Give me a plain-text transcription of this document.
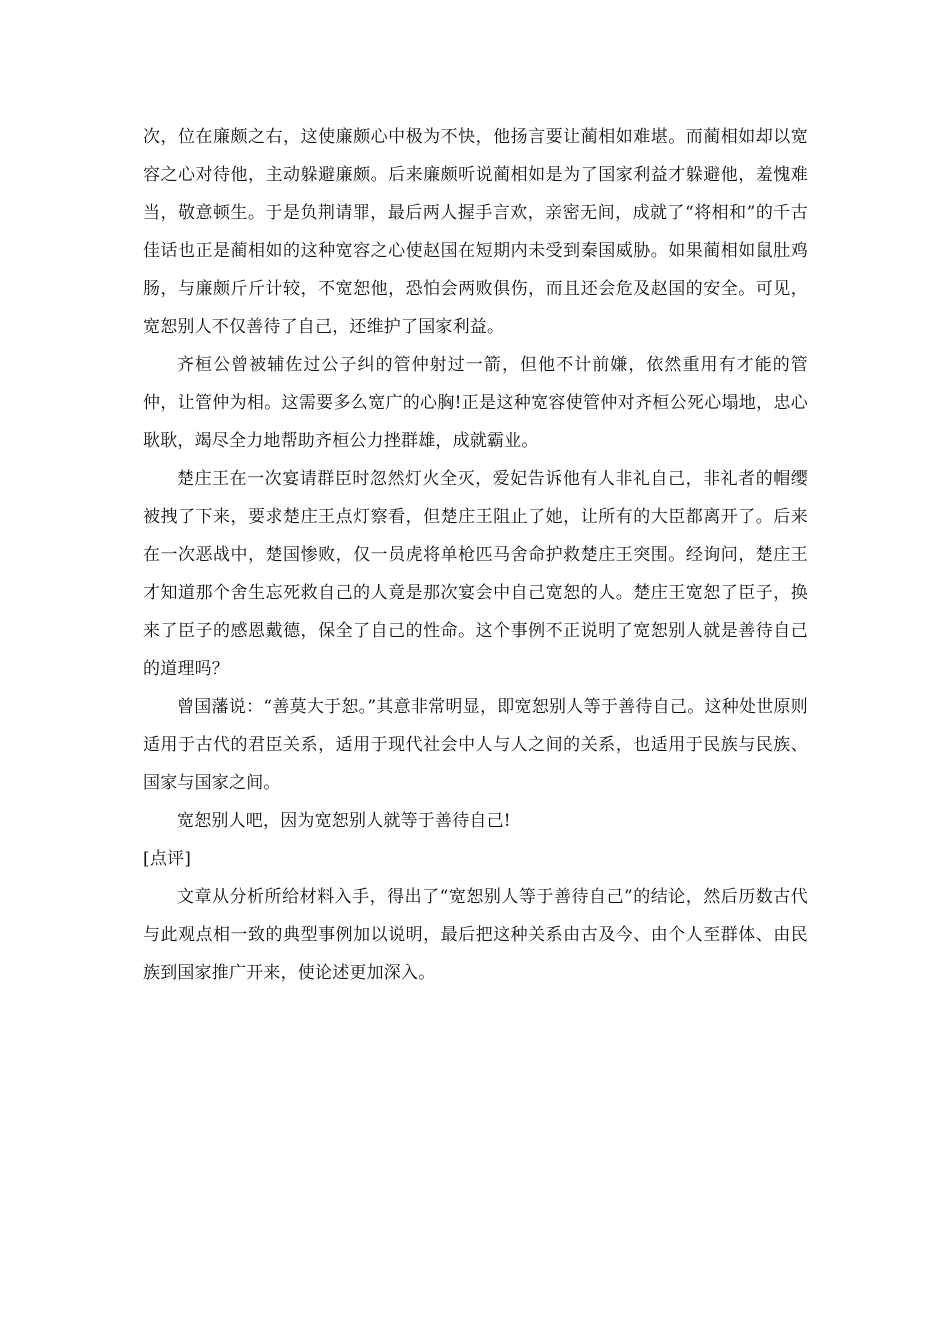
次，位在廉颇之右，这使廉颇心中极为不快，他扬言要让蔺相如难堪。而蔺相如却以宽容之心对待他，主动躲避廉颇。后来廉颇听说蔺相如是为了国家利益才躲避他，羞愧难当，敬意顿生。于是负荆请罪，最后两人握手言欢，亲密无间，成就了“将相和”的千古佳话也正是蔺相如的这种宽容之心使赵国在短期内未受到秦国威胁。如果蔺相如鼠肚鸡肠，与廉颇斤斤计较，不宽恕他，恐怕会两败俱伤，而且还会危及赵国的安全。可见，宽恕别人不仅善待了自己，还维护了国家利益。

齐桓公曾被辅佐过公子纠的管仲射过一箭，但他不计前嫌，依然重用有才能的管仲，让管仲为相。这需要多么宽广的心胸!正是这种宽容使管仲对齐桓公死心塌地，忠心耿耿，竭尽全力地帮助齐桓公力挫群雄，成就霸业。

楚庄王在一次宴请群臣时忽然灯火全灭，爱妃告诉他有人非礼自己，非礼者的帽缨被拽了下来，要求楚庄王点灯察看，但楚庄王阻止了她，让所有的大臣都离开了。后来在一次恶战中，楚国惨败，仅一员虎将单枪匹马舍命护救楚庄王突围。经询问，楚庄王才知道那个舍生忘死救自己的人竟是那次宴会中自己宽恕的人。楚庄王宽恕了臣子，换来了臣子的感恩戴德，保全了自己的性命。这个事例不正说明了宽恕别人就是善待自己的道理吗？

曾国藩说：“善莫大于恕。”其意非常明显，即宽恕别人等于善待自己。这种处世原则适用于古代的君臣关系，适用于现代社会中人与人之间的关系，也适用于民族与民族、国家与国家之间。

宽恕别人吧，因为宽恕别人就等于善待自己!

[点评]

文章从分析所给材料入手，得出了“宽恕别人等于善待自己”的结论，然后历数古代与此观点相一致的典型事例加以说明，最后把这种关系由古及今、由个人至群体、由民族到国家推广开来，使论述更加深入。
